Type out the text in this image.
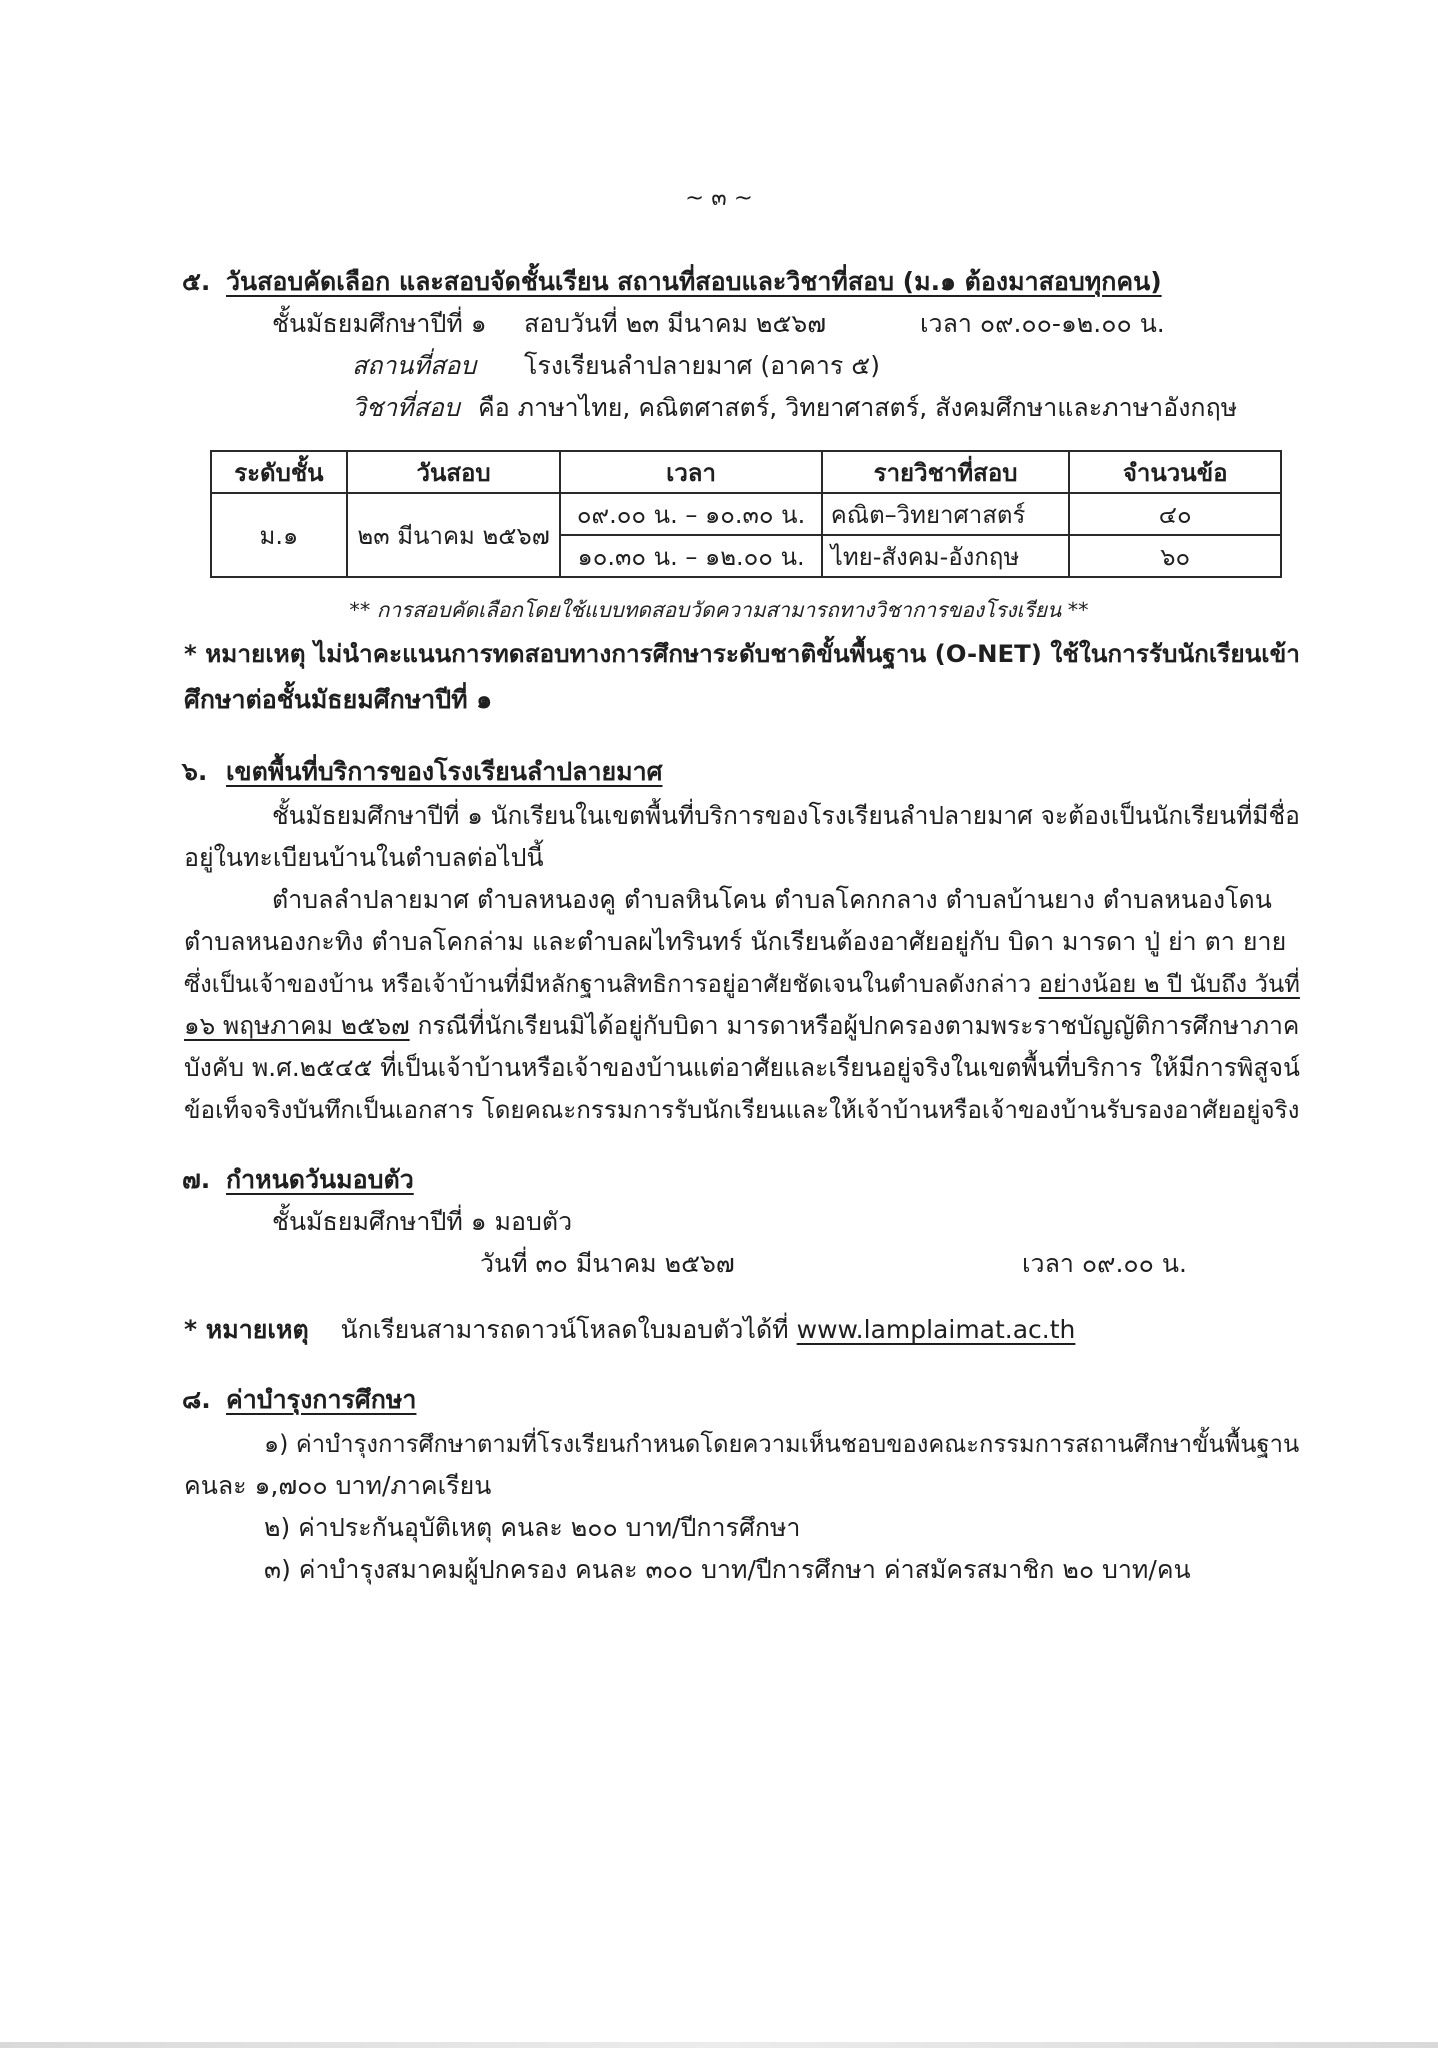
~ ๓ ~
๕. วันสอบคัดเลือก และสอบจัดชั้นเรียน สถานที่สอบและวิชาที่สอบ (ม.๑ ต้องมาสอบทุกคน)
ชั้นมัธยมศึกษาปีที่ ๑ สอบวันที่ ๒๓ มีนาคม ๒๕๖๗	เวลา ๐๙.๐๐-๑๒.๐๐ น.
สถานที่สอบ โรงเรียนลำปลายมาศ (อาคาร ๕)
วิชาที่สอบ คือ ภาษาไทย, คณิตศาสตร์, วิทยาศาสตร์, สังคมศึกษาและภาษาอังกฤษ
ระดับชั้น	วันสอบ	เวลา	รายวิชาที่สอบ	จำนวนข้อ
ม.๑	๒๓ มีนาคม ๒๕๖๗	๐๙.๐๐ น. – ๑๐.๓๐ น.	คณิต–วิทยาศาสตร์	๔๐
		๑๐.๓๐ น. – ๑๒.๐๐ น.	ไทย-สังคม-อังกฤษ	๖๐
** การสอบคัดเลือกโดยใช้แบบทดสอบวัดความสามารถทางวิชาการของโรงเรียน **
* หมายเหตุ ไม่นำคะแนนการทดสอบทางการศึกษาระดับชาติขั้นพื้นฐาน (O-NET) ใช้ในการรับนักเรียนเข้า
ศึกษาต่อชั้นมัธยมศึกษาปีที่ ๑
๖. เขตพื้นที่บริการของโรงเรียนลำปลายมาศ
ชั้นมัธยมศึกษาปีที่ ๑ นักเรียนในเขตพื้นที่บริการของโรงเรียนลำปลายมาศ จะต้องเป็นนักเรียนที่มีชื่อ
อยู่ในทะเบียนบ้านในตำบลต่อไปนี้
ตำบลลำปลายมาศ ตำบลหนองคู ตำบลหินโคน ตำบลโคกกลาง ตำบลบ้านยาง ตำบลหนองโดน
ตำบลหนองกะทิง ตำบลโคกล่าม และตำบลผไทรินทร์ นักเรียนต้องอาศัยอยู่กับ บิดา มารดา ปู่ ย่า ตา ยาย
ซึ่งเป็นเจ้าของบ้าน หรือเจ้าบ้านที่มีหลักฐานสิทธิการอยู่อาศัยชัดเจนในตำบลดังกล่าว อย่างน้อย ๒ ปี นับถึง วันที่
๑๖ พฤษภาคม ๒๕๖๗ กรณีที่นักเรียนมิได้อยู่กับบิดา มารดาหรือผู้ปกครองตามพระราชบัญญัติการศึกษาภาค
บังคับ พ.ศ.๒๕๔๕ ที่เป็นเจ้าบ้านหรือเจ้าของบ้านแต่อาศัยและเรียนอยู่จริงในเขตพื้นที่บริการ ให้มีการพิสูจน์
ข้อเท็จจริงบันทึกเป็นเอกสาร โดยคณะกรรมการรับนักเรียนและให้เจ้าบ้านหรือเจ้าของบ้านรับรองอาศัยอยู่จริง
๗. กำหนดวันมอบตัว
ชั้นมัธยมศึกษาปีที่ ๑ มอบตัว
วันที่ ๓๐ มีนาคม ๒๕๖๗	เวลา ๐๙.๐๐ น.
* หมายเหตุ นักเรียนสามารถดาวน์โหลดใบมอบตัวได้ที่ www.lamplaimat.ac.th
๘. ค่าบำรุงการศึกษา
๑) ค่าบำรุงการศึกษาตามที่โรงเรียนกำหนดโดยความเห็นชอบของคณะกรรมการสถานศึกษาขั้นพื้นฐาน
คนละ ๑,๗๐๐ บาท/ภาคเรียน
๒) ค่าประกันอุบัติเหตุ คนละ ๒๐๐ บาท/ปีการศึกษา
๓) ค่าบำรุงสมาคมผู้ปกครอง คนละ ๓๐๐ บาท/ปีการศึกษา ค่าสมัครสมาชิก ๒๐ บาท/คน
